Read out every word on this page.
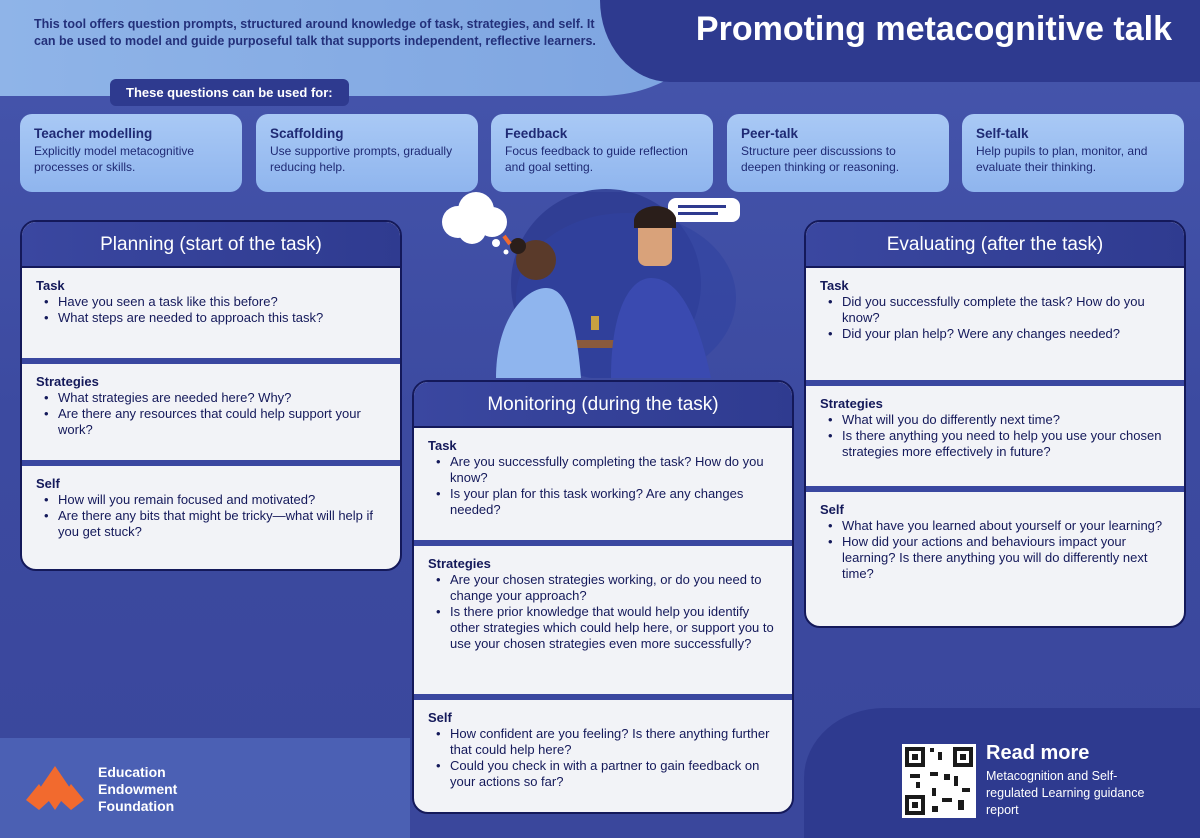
Promoting metacognitive talk

This tool offers question prompts, structured around knowledge of task, strategies, and self. It can be used to model and guide purposeful talk that supports independent, reflective learners.

These questions can be used for:
Teacher modelling
Explicitly model metacognitive processes or skills.
Scaffolding
Use supportive prompts, gradually reducing help.
Feedback
Focus feedback to guide reflection and goal setting.
Peer-talk
Structure peer discussions to deepen thinking or reasoning.
Self-talk
Help pupils to plan, monitor, and evaluate their thinking.
Planning (start of the task)
Task
• Have you seen a task like this before?
• What steps are needed to approach this task?
Strategies
• What strategies are needed here? Why?
• Are there any resources that could help support your work?
Self
• How will you remain focused and motivated?
• Are there any bits that might be tricky—what will help if you get stuck?
Monitoring (during the task)
Task
• Are you successfully completing the task? How do you know?
• Is your plan for this task working? Are any changes needed?
Strategies
• Are your chosen strategies working, or do you need to change your approach?
• Is there prior knowledge that would help you identify other strategies which could help here, or support you to use your chosen strategies even more successfully?
Self
• How confident are you feeling? Is there anything further that could help here?
• Could you check in with a partner to gain feedback on your actions so far?
Evaluating (after the task)
Task
• Did you successfully complete the task? How do you know?
• Did your plan help? Were any changes needed?
Strategies
• What will you do differently next time?
• Is there anything you need to help you use your chosen strategies more effectively in future?
Self
• What have you learned about yourself or your learning?
• How did your actions and behaviours impact your learning? Is there anything you will do differently next time?
Education Endowment Foundation
Read more
Metacognition and Self-regulated Learning guidance report
